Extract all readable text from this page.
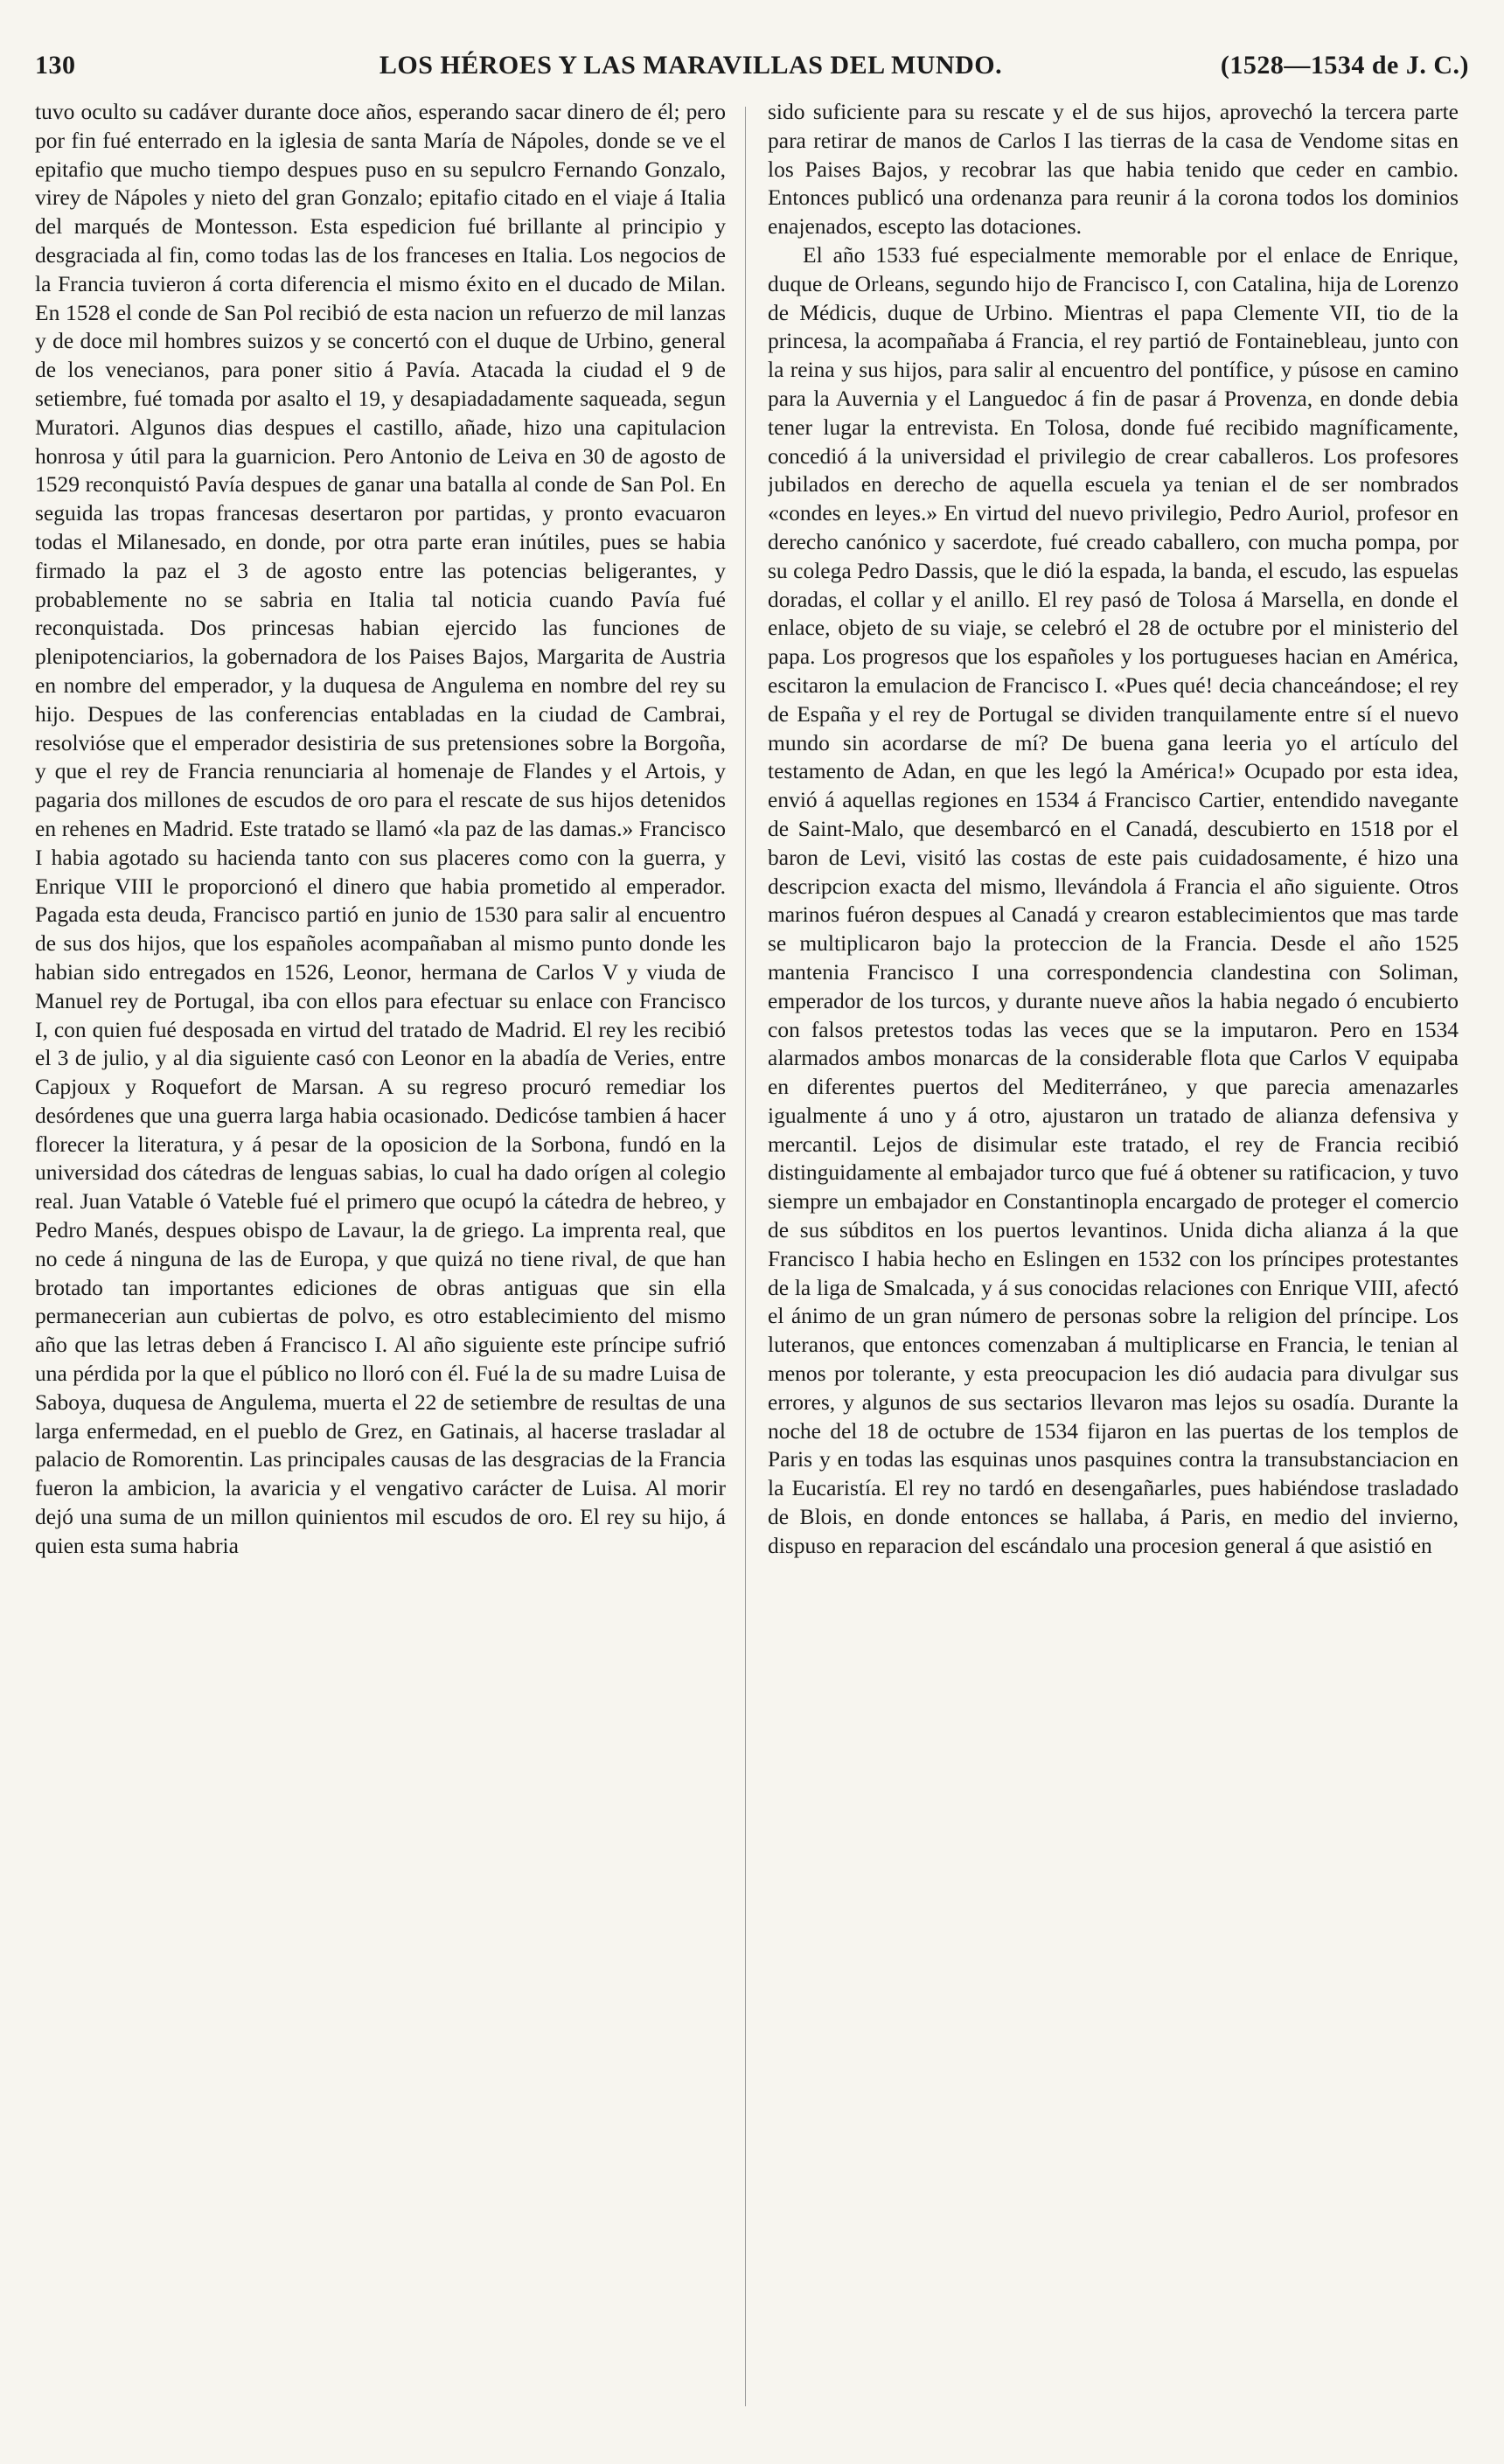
130	LOS HÉROES Y LAS MARAVILLAS DEL MUNDO.	(1528—1534 de J. C.)

tuvo oculto su cadáver durante doce años, esperando sacar dinero de él; pero por fin fué enterrado en la iglesia de santa María de Nápoles, donde se ve el epitafio que mucho tiempo despues puso en su sepulcro Fernando Gonzalo, virey de Nápoles y nieto del gran Gonzalo; epitafio citado en el viaje á Italia del marqués de Montesson. Esta espedicion fué brillante al principio y desgraciada al fin, como todas las de los franceses en Italia. Los negocios de la Francia tuvieron á corta diferencia el mismo éxito en el ducado de Milan. En 1528 el conde de San Pol recibió de esta nacion un refuerzo de mil lanzas y de doce mil hombres suizos y se concertó con el duque de Urbino, general de los venecianos, para poner sitio á Pavía. Atacada la ciudad el 9 de setiembre, fué tomada por asalto el 19, y desapiadadamente saqueada, segun Muratori. Algunos dias despues el castillo, añade, hizo una capitulacion honrosa y útil para la guarnicion. Pero Antonio de Leiva en 30 de agosto de 1529 reconquistó Pavía despues de ganar una batalla al conde de San Pol. En seguida las tropas francesas desertaron por partidas, y pronto evacuaron todas el Milanesado, en donde, por otra parte eran inútiles, pues se habia firmado la paz el 3 de agosto entre las potencias beligerantes, y probablemente no se sabria en Italia tal noticia cuando Pavía fué reconquistada. Dos princesas habian ejercido las funciones de plenipotenciarios, la gobernadora de los Paises Bajos, Margarita de Austria en nombre del emperador, y la duquesa de Angulema en nombre del rey su hijo. Despues de las conferencias entabladas en la ciudad de Cambrai, resolvióse que el emperador desistiria de sus pretensiones sobre la Borgoña, y que el rey de Francia renunciaria al homenaje de Flandes y el Artois, y pagaria dos millones de escudos de oro para el rescate de sus hijos detenidos en rehenes en Madrid. Este tratado se llamó «la paz de las damas.» Francisco I habia agotado su hacienda tanto con sus placeres como con la guerra, y Enrique VIII le proporcionó el dinero que habia prometido al emperador. Pagada esta deuda, Francisco partió en junio de 1530 para salir al encuentro de sus dos hijos, que los españoles acompañaban al mismo punto donde les habian sido entregados en 1526, Leonor, hermana de Carlos V y viuda de Manuel rey de Portugal, iba con ellos para efectuar su enlace con Francisco I, con quien fué desposada en virtud del tratado de Madrid. El rey les recibió el 3 de julio, y al dia siguiente casó con Leonor en la abadía de Veries, entre Capjoux y Roquefort de Marsan. A su regreso procuró remediar los desórdenes que una guerra larga habia ocasionado. Dedicóse tambien á hacer florecer la literatura, y á pesar de la oposicion de la Sorbona, fundó en la universidad dos cátedras de lenguas sabias, lo cual ha dado orígen al colegio real. Juan Vatable ó Vateble fué el primero que ocupó la cátedra de hebreo, y Pedro Manés, despues obispo de Lavaur, la de griego. La imprenta real, que no cede á ninguna de las de Europa, y que quizá no tiene rival, de que han brotado tan importantes ediciones de obras antiguas que sin ella permanecerian aun cubiertas de polvo, es otro establecimiento del mismo año que las letras deben á Francisco I. Al año siguiente este príncipe sufrió una pérdida por la que el público no lloró con él. Fué la de su madre Luisa de Saboya, duquesa de Angulema, muerta el 22 de setiembre de resultas de una larga enfermedad, en el pueblo de Grez, en Gatinais, al hacerse trasladar al palacio de Romorentin. Las principales causas de las desgracias de la Francia fueron la ambicion, la avaricia y el vengativo carácter de Luisa. Al morir dejó una suma de un millon quinientos mil escudos de oro. El rey su hijo, á quien esta suma habria

sido suficiente para su rescate y el de sus hijos, aprovechó la tercera parte para retirar de manos de Carlos I las tierras de la casa de Vendome sitas en los Paises Bajos, y recobrar las que habia tenido que ceder en cambio. Entonces publicó una ordenanza para reunir á la corona todos los dominios enajenados, escepto las dotaciones.

El año 1533 fué especialmente memorable por el enlace de Enrique, duque de Orleans, segundo hijo de Francisco I, con Catalina, hija de Lorenzo de Médicis, duque de Urbino. Mientras el papa Clemente VII, tio de la princesa, la acompañaba á Francia, el rey partió de Fontainebleau, junto con la reina y sus hijos, para salir al encuentro del pontífice, y púsose en camino para la Auvernia y el Languedoc á fin de pasar á Provenza, en donde debia tener lugar la entrevista. En Tolosa, donde fué recibido magníficamente, concedió á la universidad el privilegio de crear caballeros. Los profesores jubilados en derecho de aquella escuela ya tenian el de ser nombrados «condes en leyes.» En virtud del nuevo privilegio, Pedro Auriol, profesor en derecho canónico y sacerdote, fué creado caballero, con mucha pompa, por su colega Pedro Dassis, que le dió la espada, la banda, el escudo, las espuelas doradas, el collar y el anillo. El rey pasó de Tolosa á Marsella, en donde el enlace, objeto de su viaje, se celebró el 28 de octubre por el ministerio del papa. Los progresos que los españoles y los portugueses hacian en América, escitaron la emulacion de Francisco I. «Pues qué! decia chanceándose; el rey de España y el rey de Portugal se dividen tranquilamente entre sí el nuevo mundo sin acordarse de mí? De buena gana leeria yo el artículo del testamento de Adan, en que les legó la América!» Ocupado por esta idea, envió á aquellas regiones en 1534 á Francisco Cartier, entendido navegante de Saint-Malo, que desembarcó en el Canadá, descubierto en 1518 por el baron de Levi, visitó las costas de este pais cuidadosamente, é hizo una descripcion exacta del mismo, llevándola á Francia el año siguiente. Otros marinos fuéron despues al Canadá y crearon establecimientos que mas tarde se multiplicaron bajo la proteccion de la Francia. Desde el año 1525 mantenia Francisco I una correspondencia clandestina con Soliman, emperador de los turcos, y durante nueve años la habia negado ó encubierto con falsos pretestos todas las veces que se la imputaron. Pero en 1534 alarmados ambos monarcas de la considerable flota que Carlos V equipaba en diferentes puertos del Mediterráneo, y que parecia amenazarles igualmente á uno y á otro, ajustaron un tratado de alianza defensiva y mercantil. Lejos de disimular este tratado, el rey de Francia recibió distinguidamente al embajador turco que fué á obtener su ratificacion, y tuvo siempre un embajador en Constantinopla encargado de proteger el comercio de sus súbditos en los puertos levantinos. Unida dicha alianza á la que Francisco I habia hecho en Eslingen en 1532 con los príncipes protestantes de la liga de Smalcada, y á sus conocidas relaciones con Enrique VIII, afectó el ánimo de un gran número de personas sobre la religion del príncipe. Los luteranos, que entonces comenzaban á multiplicarse en Francia, le tenian al menos por tolerante, y esta preocupacion les dió audacia para divulgar sus errores, y algunos de sus sectarios llevaron mas lejos su osadía. Durante la noche del 18 de octubre de 1534 fijaron en las puertas de los templos de Paris y en todas las esquinas unos pasquines contra la transubstanciacion en la Eucaristía. El rey no tardó en desengañarles, pues habiéndose trasladado de Blois, en donde entonces se hallaba, á Paris, en medio del invierno, dispuso en reparacion del escándalo una procesion general á que asistió en
